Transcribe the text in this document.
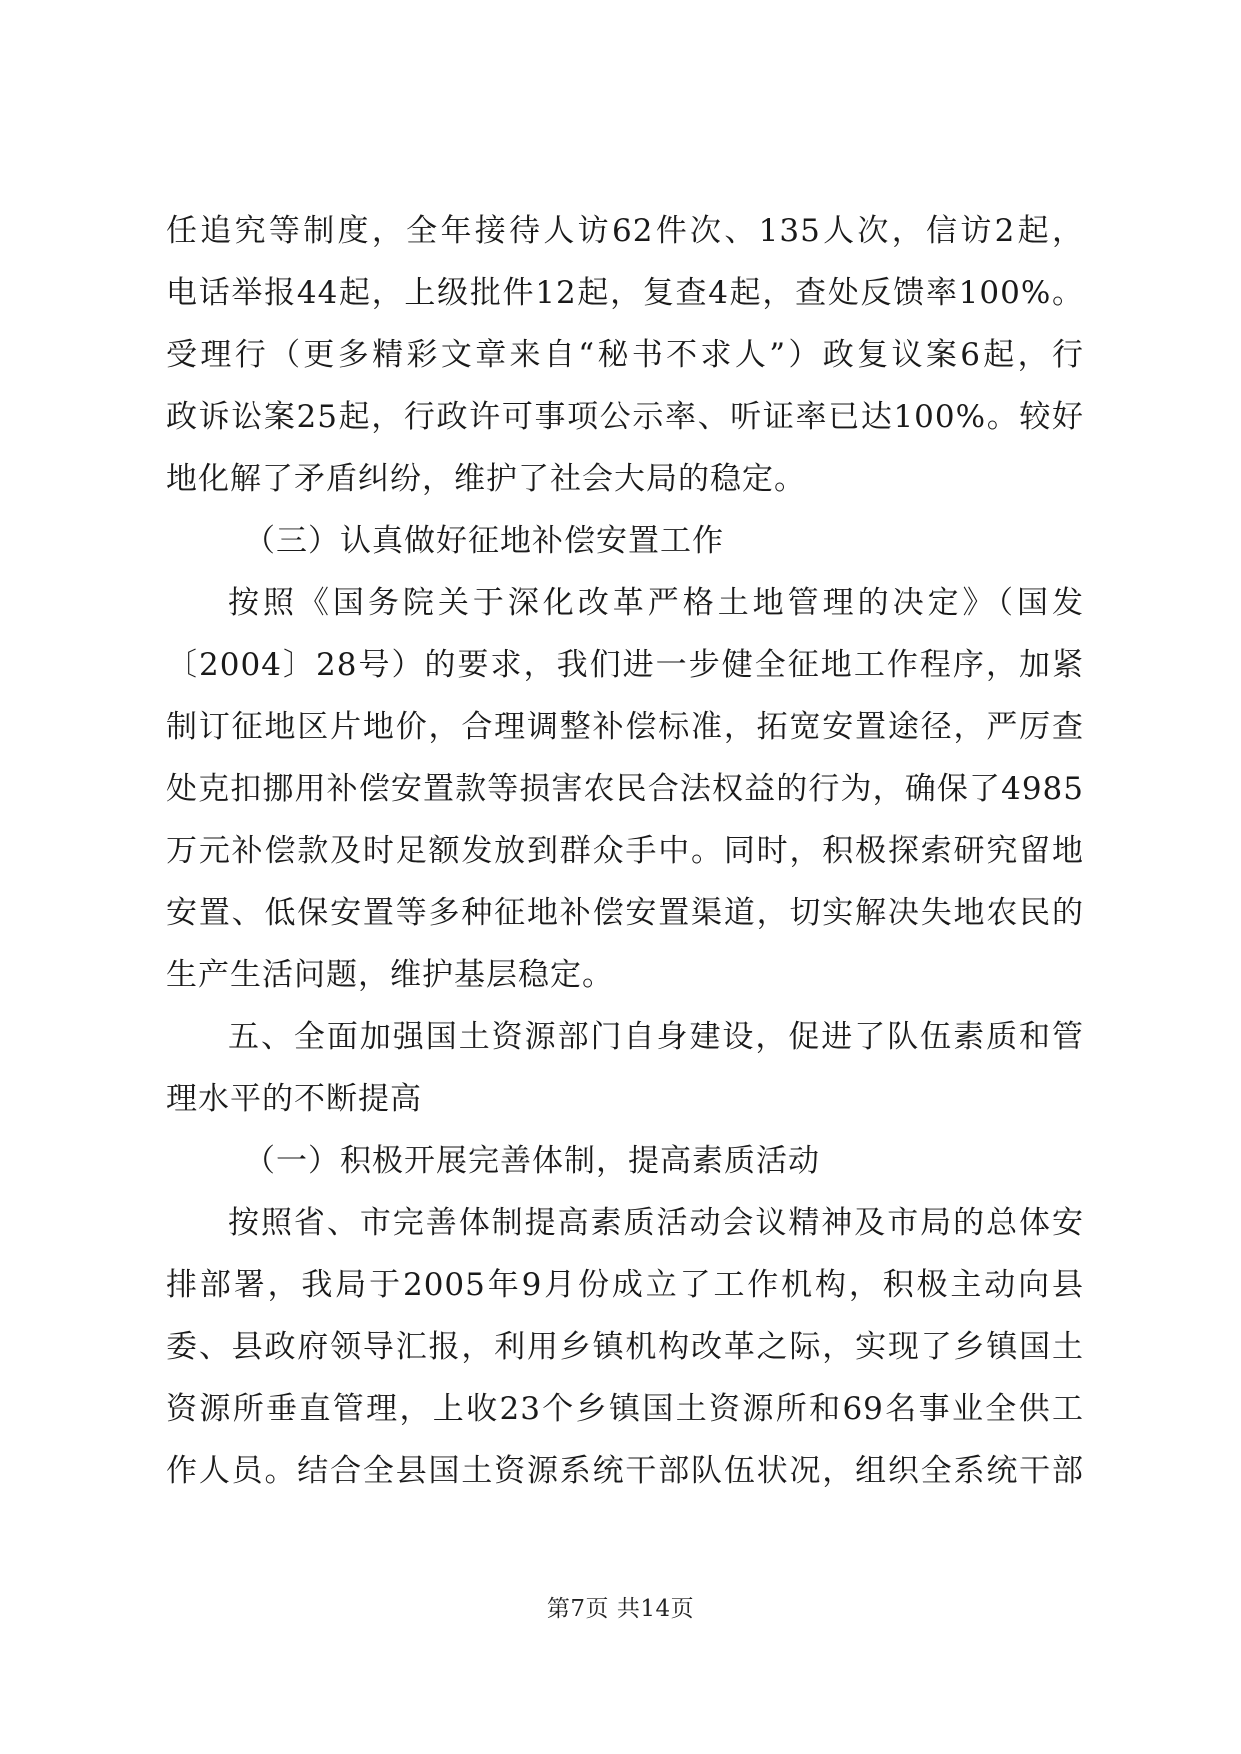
任追究等制度，全年接待人访62件次、135人次，信访2起，
电话举报44起，上级批件12起，复查4起，查处反馈率100%。
受理行（更多精彩文章来自“秘书不求人”）政复议案6起，行
政诉讼案25起，行政许可事项公示率、听证率已达100%。较好
地化解了矛盾纠纷，维护了社会大局的稳定。
（三）认真做好征地补偿安置工作
按照《国务院关于深化改革严格土地管理的决定》（国发
〔2004〕28号）的要求，我们进一步健全征地工作程序，加紧
制订征地区片地价，合理调整补偿标准，拓宽安置途径，严厉查
处克扣挪用补偿安置款等损害农民合法权益的行为，确保了4985
万元补偿款及时足额发放到群众手中。同时，积极探索研究留地
安置、低保安置等多种征地补偿安置渠道，切实解决失地农民的
生产生活问题，维护基层稳定。
五、全面加强国土资源部门自身建设，促进了队伍素质和管
理水平的不断提高
（一）积极开展完善体制，提高素质活动
按照省、市完善体制提高素质活动会议精神及市局的总体安
排部署，我局于2005年9月份成立了工作机构，积极主动向县
委、县政府领导汇报，利用乡镇机构改革之际，实现了乡镇国土
资源所垂直管理，上收23个乡镇国土资源所和69名事业全供工
作人员。结合全县国土资源系统干部队伍状况，组织全系统干部
第7页 共14页
